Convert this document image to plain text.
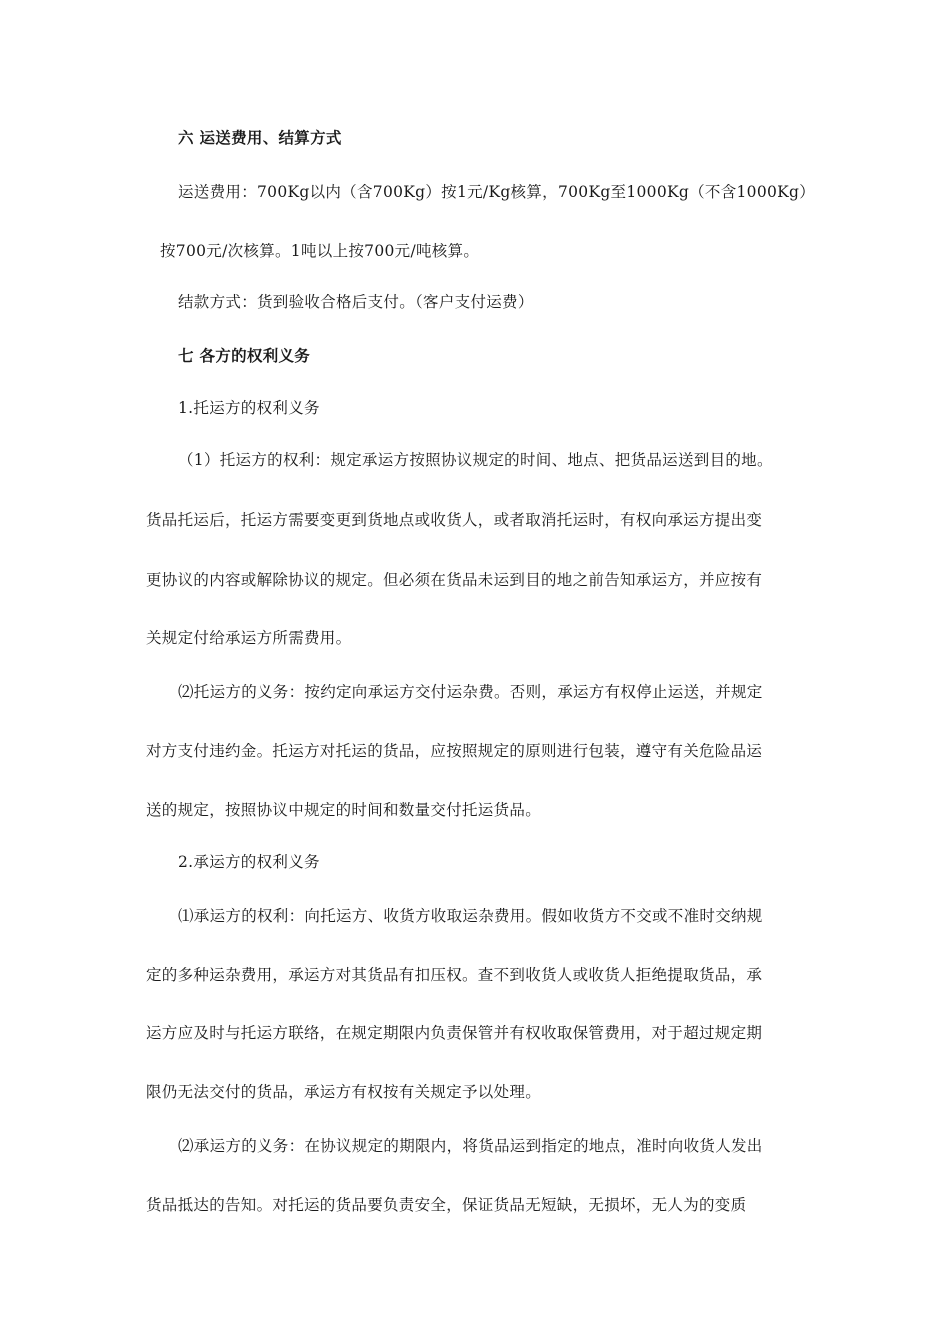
六 运送费用、结算方式
运送费用：700Kg以内（含700Kg）按1元/Kg核算，700Kg至1000Kg（不含1000Kg）
按700元/次核算。1吨以上按700元/吨核算。
结款方式：货到验收合格后支付。（客户支付运费）
七 各方的权利义务
1.托运方的权利义务
（1）托运方的权利：规定承运方按照协议规定的时间、地点、把货品运送到目的地。
货品托运后，托运方需要变更到货地点或收货人，或者取消托运时，有权向承运方提出变
更协议的内容或解除协议的规定。但必须在货品未运到目的地之前告知承运方，并应按有
关规定付给承运方所需费用。
⑵托运方的义务：按约定向承运方交付运杂费。否则，承运方有权停止运送，并规定
对方支付违约金。托运方对托运的货品，应按照规定的原则进行包装，遵守有关危险品运
送的规定，按照协议中规定的时间和数量交付托运货品。
2.承运方的权利义务
⑴承运方的权利：向托运方、收货方收取运杂费用。假如收货方不交或不准时交纳规
定的多种运杂费用，承运方对其货品有扣压权。查不到收货人或收货人拒绝提取货品，承
运方应及时与托运方联络，在规定期限内负责保管并有权收取保管费用，对于超过规定期
限仍无法交付的货品，承运方有权按有关规定予以处理。
⑵承运方的义务：在协议规定的期限内，将货品运到指定的地点，准时向收货人发出
货品抵达的告知。对托运的货品要负责安全，保证货品无短缺，无损坏，无人为的变质
